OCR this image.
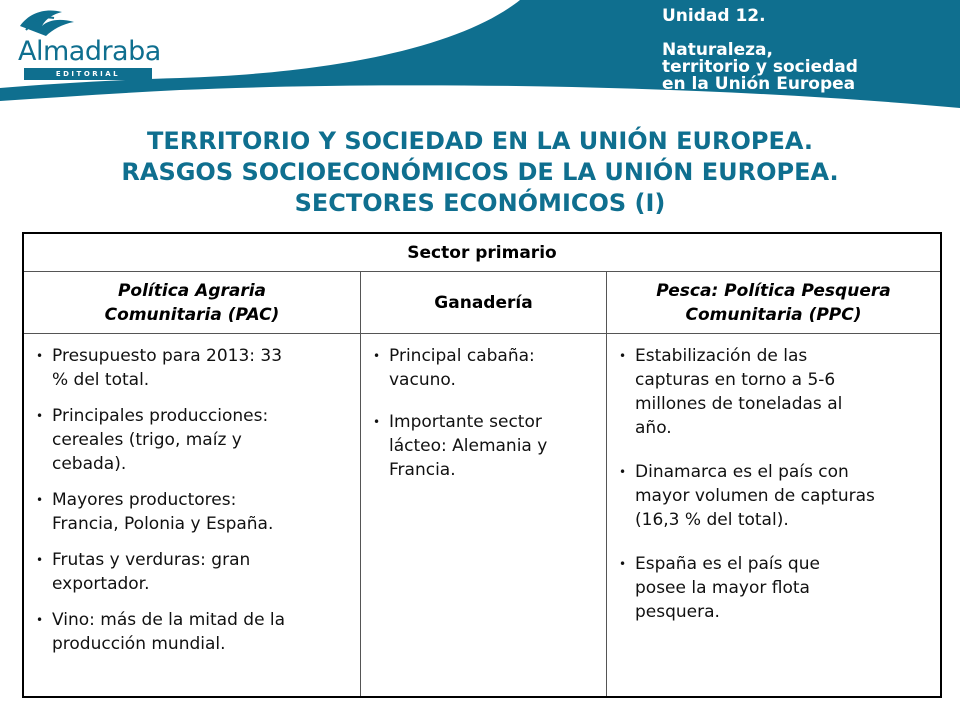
Almadraba
EDITORIAL
Unidad 12.
Naturaleza,
territorio y sociedad
en la Unión Europea
TERRITORIO Y SOCIEDAD EN LA UNIÓN EUROPEA.
RASGOS SOCIOECONÓMICOS DE LA UNIÓN EUROPEA.
SECTORES ECONÓMICOS (I)
Sector primario
Política Agraria
Comunitaria (PAC)
Ganadería
Pesca: Política Pesquera
Comunitaria (PPC)
• Presupuesto para 2013: 33
% del total.
• Principales producciones:
cereales (trigo, maíz y
cebada).
• Mayores productores:
Francia, Polonia y España.
• Frutas y verduras: gran
exportador.
• Vino: más de la mitad de la
producción mundial.
• Principal cabaña:
vacuno.
• Importante sector
lácteo: Alemania y
Francia.
• Estabilización de las
capturas en torno a 5-6
millones de toneladas al
año.
• Dinamarca es el país con
mayor volumen de capturas
(16,3 % del total).
• España es el país que
posee la mayor flota
pesquera.
